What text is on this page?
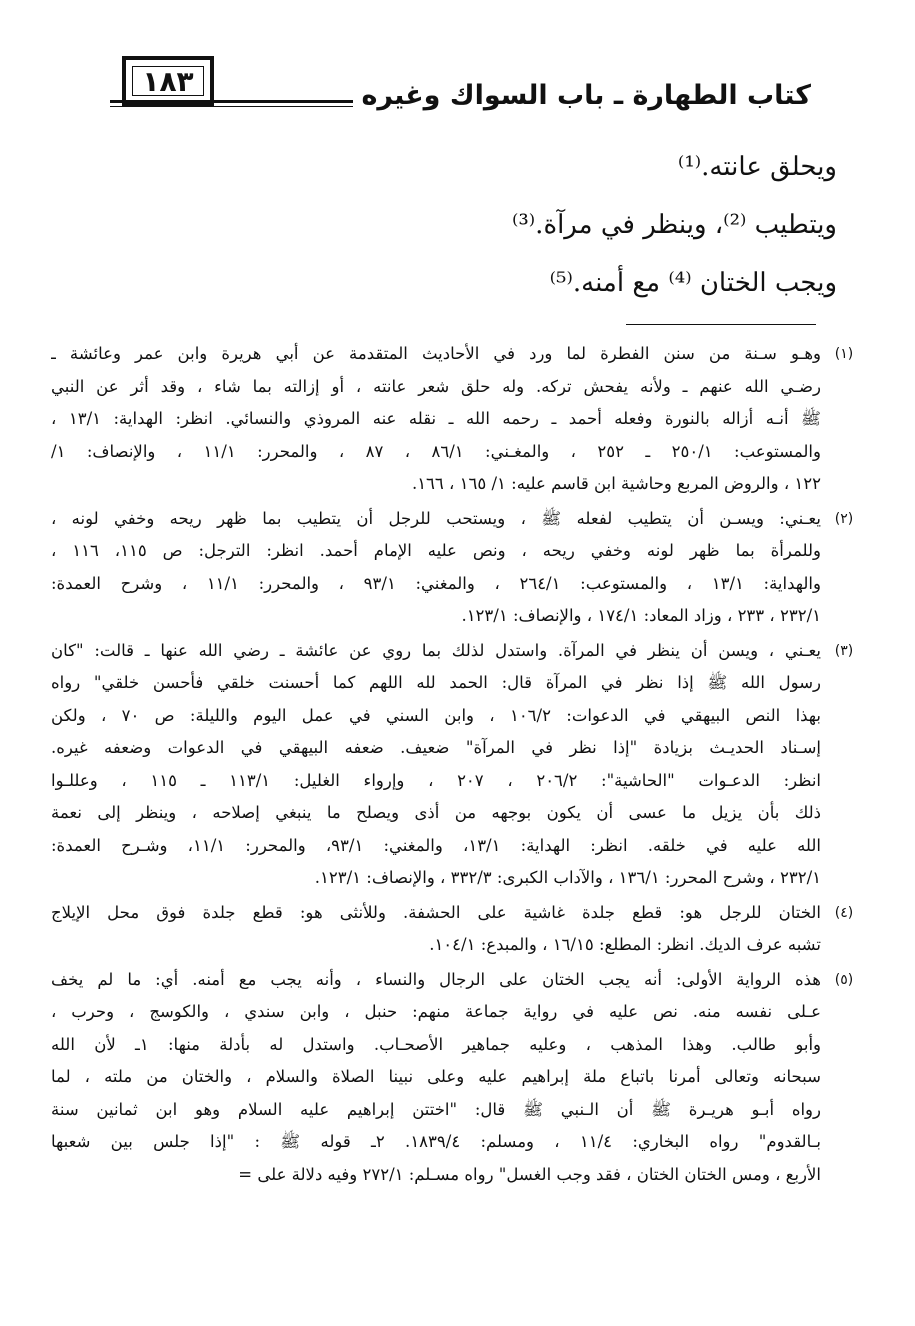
١٨٣	كتاب الطهارة ـ باب السواك وغيره
ويحلق عانته.⁽¹⁾
ويتطيب ⁽²⁾، وينظر في مرآة.⁽³⁾
ويجب الختان ⁽⁴⁾ مع أمنه.⁽⁵⁾
(١)
وهـو سـنة من سنن الفطرة لما ورد في الأحاديث المتقدمة عن أبي هريرة وابن عمر وعائشة ـ
رضـي الله عنهم ـ ولأنه يفحش تركه. وله حلق شعر عانته ، أو إزالته بما شاء ، وقد أثر عن النبي
ﷺ أنـه أزاله بالنورة وفعله أحمد ـ رحمه الله ـ نقله عنه المروذي والنسائي. انظر: الهداية: ١٣/١ ،
والمستوعب: ٢٥٠/١ ـ ٢٥٢ ، والمغـني: ٨٦/١ ، ٨٧ ، والمحرر: ١١/١ ، والإنصاف: ١/
١٢٢ ، والروض المربع وحاشية ابن قاسم عليه: ١/ ١٦٥ ، ١٦٦.
(٢)
يعـني: ويسـن أن يتطيب لفعله ﷺ ، ويستحب للرجل أن يتطيب بما ظهر ريحه وخفي لونه ،
وللمرأة بما ظهر لونه وخفي ريحه ، ونص عليه الإمام أحمد. انظر: الترجل: ص ١١٥، ١١٦ ،
والهداية: ١٣/١ ، والمستوعب: ٢٦٤/١ ، والمغني: ٩٣/١ ، والمحرر: ١١/١ ، وشرح العمدة:
٢٣٢/١ ، ٢٣٣ ، وزاد المعاد: ١٧٤/١ ، والإنصاف: ١٢٣/١.
(٣)
يعـني ، ويسن أن ينظر في المرآة. واستدل لذلك بما روي عن عائشة ـ رضي الله عنها ـ قالت: "كان
رسول الله ﷺ إذا نظر في المرآة قال: الحمد لله اللهم كما أحسنت خلقي فأحسن خلقي" رواه
بهذا النص البيهقي في الدعوات: ١٠٦/٢ ، وابن السني في عمل اليوم والليلة: ص ٧٠ ، ولكن
إسـناد الحديـث بزيادة "إذا نظر في المرآة" ضعيف. ضعفه البيهقي في الدعوات وضعفه غيره.
انظر: الدعـوات "الحاشية": ٢٠٦/٢ ، ٢٠٧ ، وإرواء الغليل: ١١٣/١ ـ ١١٥ ، وعللـوا
ذلك بأن يزيل ما عسى أن يكون بوجهه من أذى ويصلح ما ينبغي إصلاحه ، وينظر إلى نعمة
الله عليه في خلقه. انظر: الهداية: ١٣/١، والمغني: ٩٣/١، والمحرر: ١١/١، وشـرح العمدة:
٢٣٢/١ ، وشرح المحرر: ١٣٦/١ ، والآداب الكبرى: ٣٣٢/٣ ، والإنصاف: ١٢٣/١.
(٤)
الختان للرجل هو: قطع جلدة غاشية على الحشفة. وللأنثى هو: قطع جلدة فوق محل الإيلاج
تشبه عرف الديك. انظر: المطلع: ١٦/١٥ ، والمبدع: ١٠٤/١.
(٥)
هذه الرواية الأولى: أنه يجب الختان على الرجال والنساء ، وأنه يجب مع أمنه. أي: ما لم يخف
عـلى نفسه منه. نص عليه في رواية جماعة منهم: حنبل ، وابن سندي ، والكوسج ، وحرب ،
وأبو طالب. وهذا المذهب ، وعليه جماهير الأصحـاب. واستدل له بأدلة منها: ١ـ لأن الله
سبحانه وتعالى أمرنا باتباع ملة إبراهيم عليه وعلى نبينا الصلاة والسلام ، والختان من ملته ، لما
رواه أبـو هريـرة ﷺ أن الـنبي ﷺ قال: "اختتن إبراهيم عليه السلام وهو ابن ثمانين سنة
بـالقدوم" رواه البخاري: ١١/٤ ، ومسلم: ١٨٣٩/٤. ٢ـ قوله ﷺ : "إذا جلس بين شعبها
الأربع ، ومس الختان الختان ، فقد وجب الغسل" رواه مسـلم: ٢٧٢/١ وفيه دلالة على =
